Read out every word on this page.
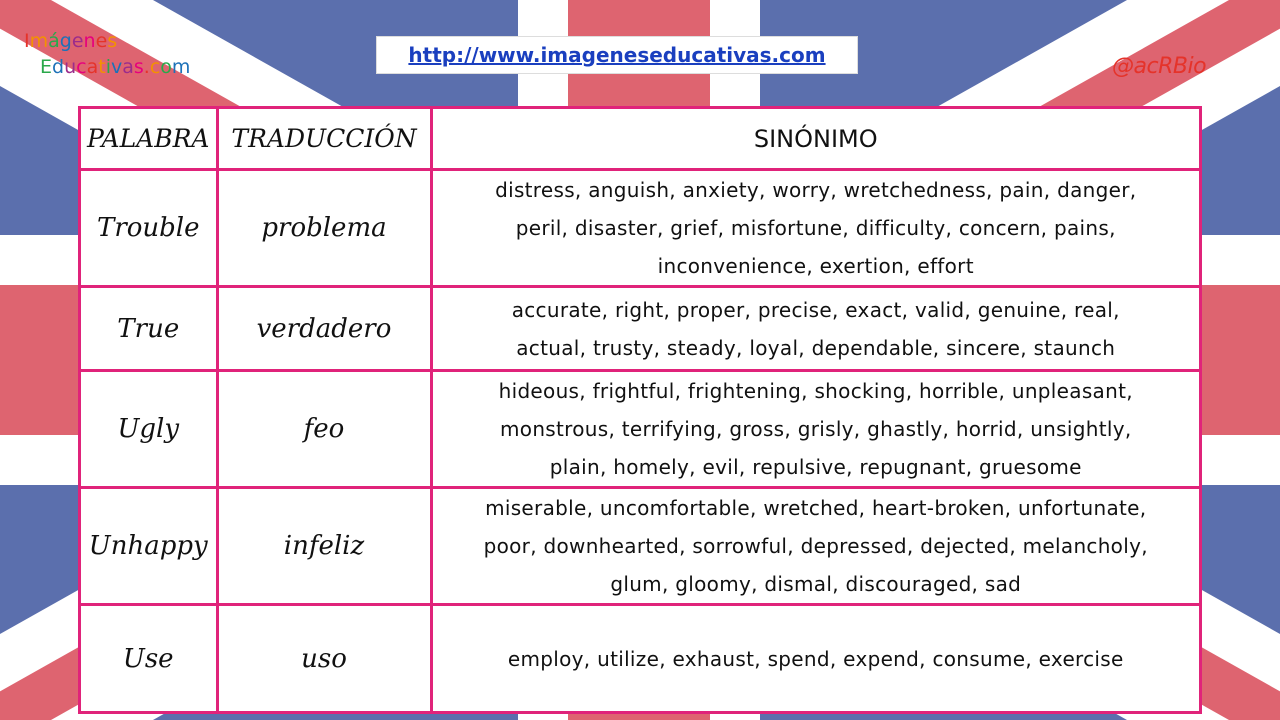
Imágenes
Educativas.com	http://www.imageneseducativas.com	@acRBio
PALABRA	TRADUCCIÓN	SINÓNIMO
Trouble	problema	distress, anguish, anxiety, worry, wretchedness, pain, danger,
peril, disaster, grief, misfortune, difficulty, concern, pains,
inconvenience, exertion, effort

True	verdadero	accurate, right, proper, precise, exact, valid, genuine, real,
actual, trusty, steady, loyal, dependable, sincere, staunch

Ugly	feo	hideous, frightful, frightening, shocking, horrible, unpleasant,
monstrous, terrifying, gross, grisly, ghastly, horrid, unsightly,
plain, homely, evil, repulsive, repugnant, gruesome

Unhappy	infeliz	miserable, uncomfortable, wretched, heart-broken, unfortunate,
poor, downhearted, sorrowful, depressed, dejected, melancholy,
glum, gloomy, dismal, discouraged, sad

Use	uso	employ, utilize, exhaust, spend, expend, consume, exercise
